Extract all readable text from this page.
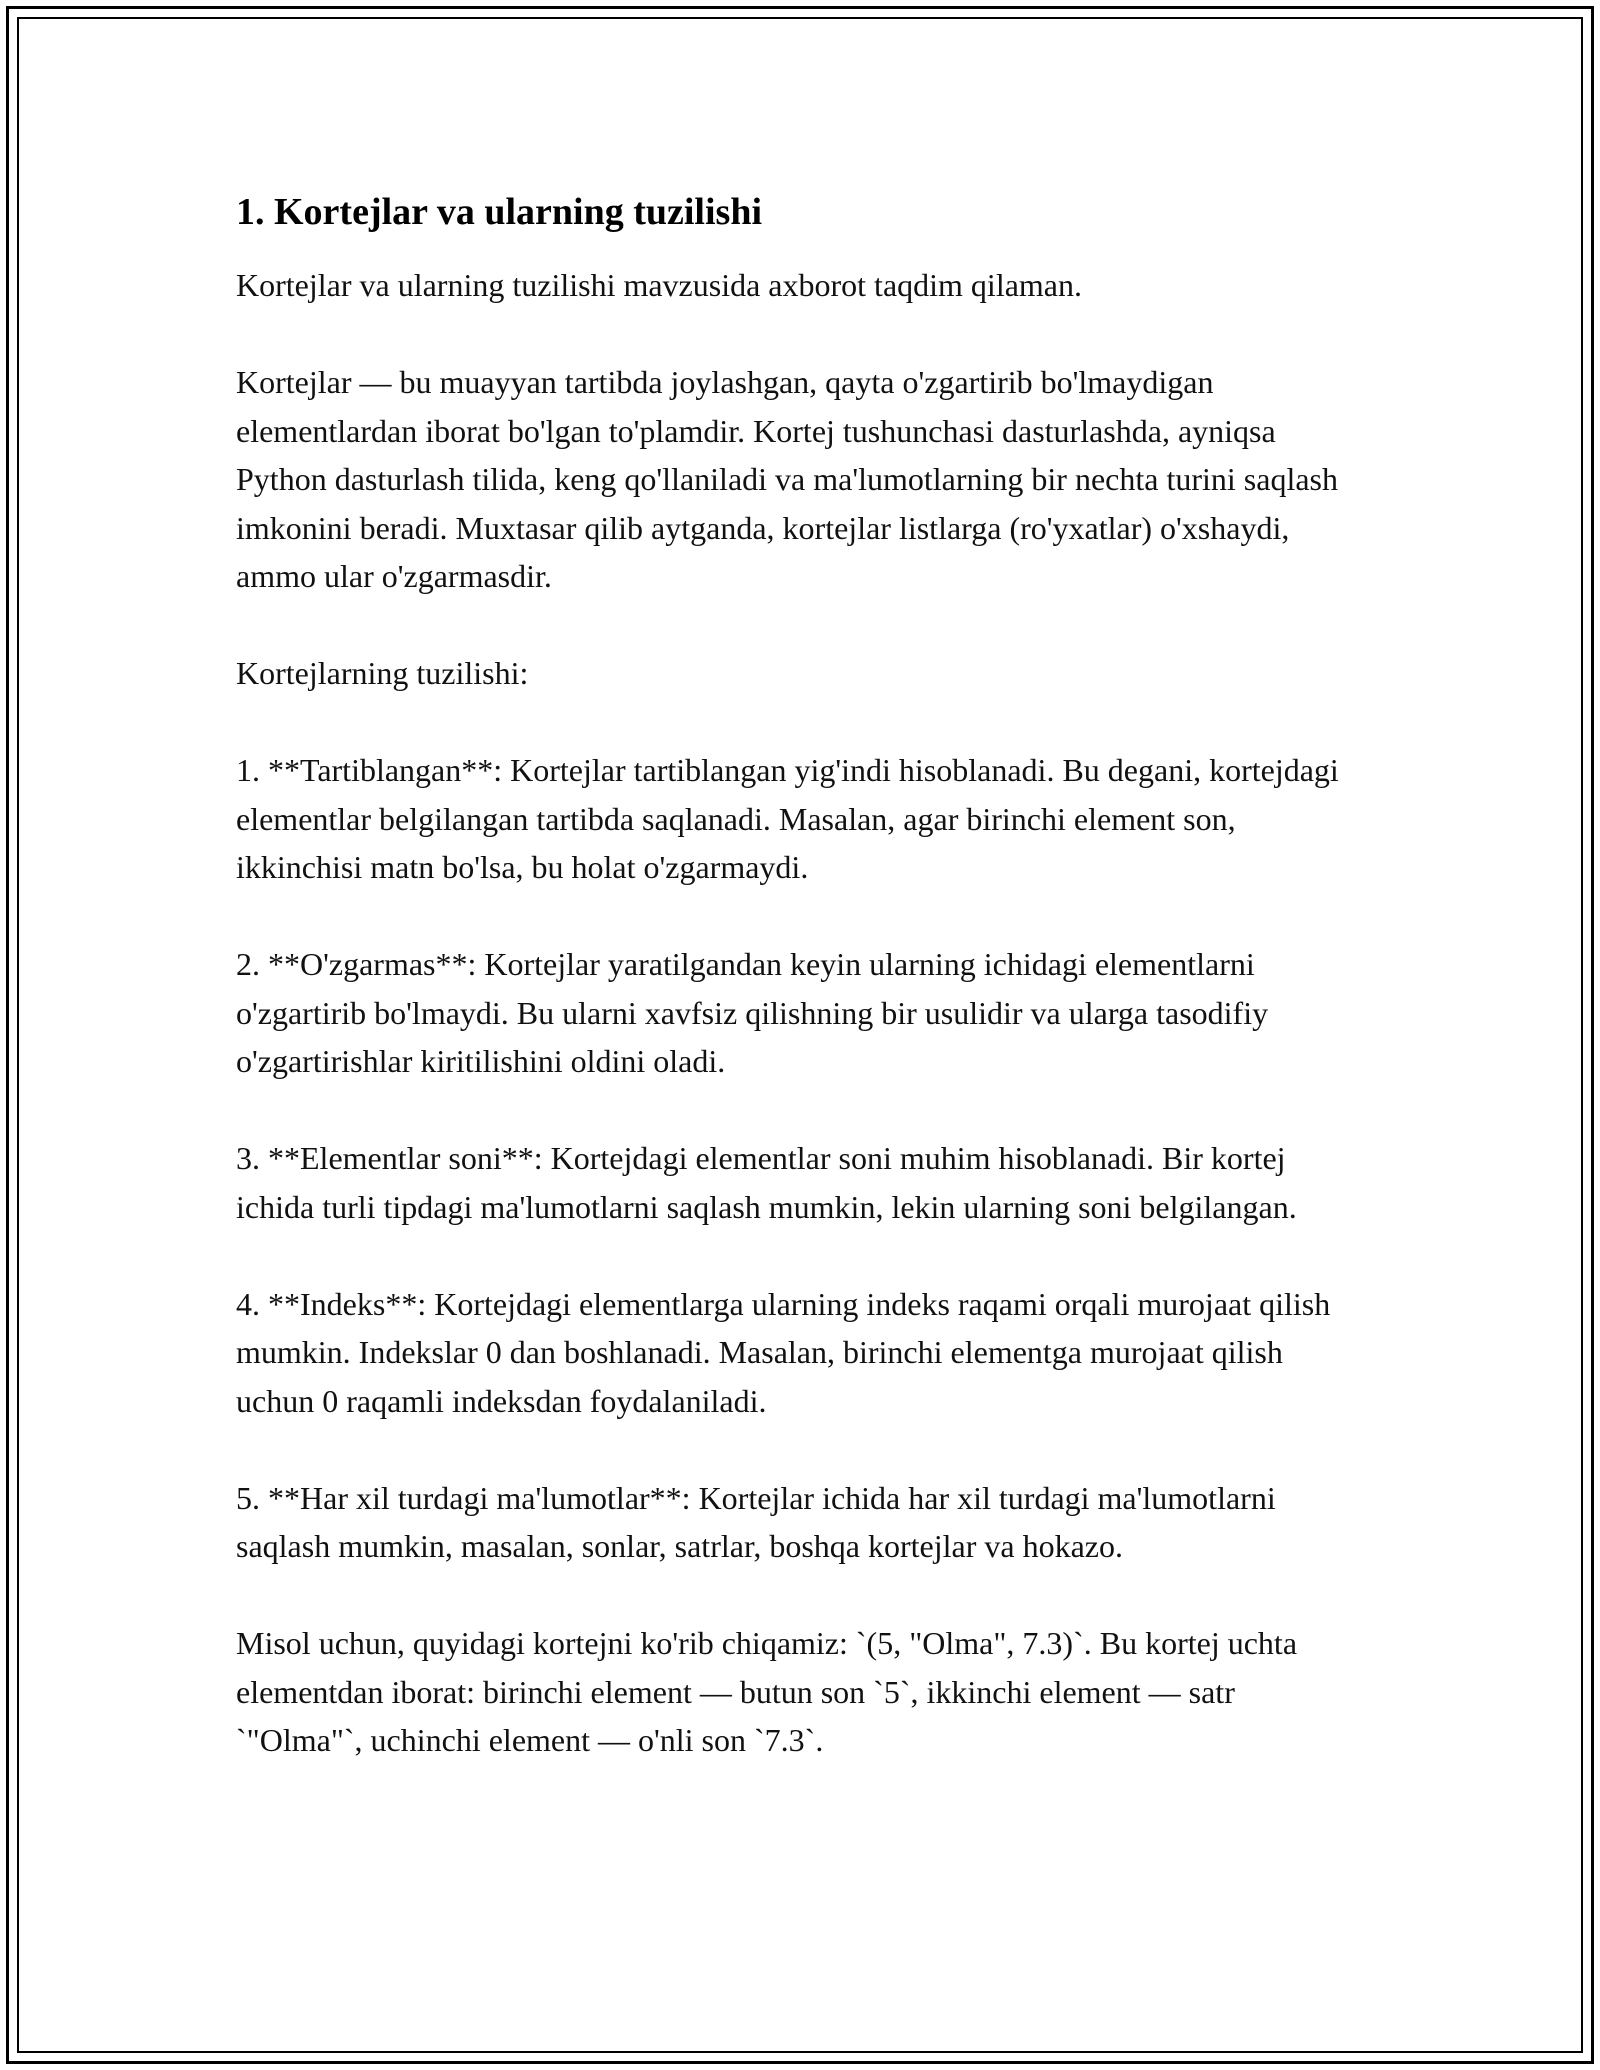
1. Kortejlar va ularning tuzilishi

Kortejlar va ularning tuzilishi mavzusida axborot taqdim qilaman.

Kortejlar — bu muayyan tartibda joylashgan, qayta o'zgartirib bo'lmaydigan elementlardan iborat bo'lgan to'plamdir. Kortej tushunchasi dasturlashda, ayniqsa Python dasturlash tilida, keng qo'llaniladi va ma'lumotlarning bir nechta turini saqlash imkonini beradi. Muxtasar qilib aytganda, kortejlar listlarga (ro'yxatlar) o'xshaydi, ammo ular o'zgarmasdir.

Kortejlarning tuzilishi:

1. **Tartiblangan**: Kortejlar tartiblangan yig'indi hisoblanadi. Bu degani, kortejdagi elementlar belgilangan tartibda saqlanadi. Masalan, agar birinchi element son, ikkinchisi matn bo'lsa, bu holat o'zgarmaydi.

2. **O'zgarmas**: Kortejlar yaratilgandan keyin ularning ichidagi elementlarni o'zgartirib bo'lmaydi. Bu ularni xavfsiz qilishning bir usulidir va ularga tasodifiy o'zgartirishlar kiritilishini oldini oladi.

3. **Elementlar soni**: Kortejdagi elementlar soni muhim hisoblanadi. Bir kortej ichida turli tipdagi ma'lumotlarni saqlash mumkin, lekin ularning soni belgilangan.

4. **Indeks**: Kortejdagi elementlarga ularning indeks raqami orqali murojaat qilish mumkin. Indekslar 0 dan boshlanadi. Masalan, birinchi elementga murojaat qilish uchun 0 raqamli indeksdan foydalaniladi.

5. **Har xil turdagi ma'lumotlar**: Kortejlar ichida har xil turdagi ma'lumotlarni saqlash mumkin, masalan, sonlar, satrlar, boshqa kortejlar va hokazo.

Misol uchun, quyidagi kortejni ko'rib chiqamiz: `(5, "Olma", 7.3)`. Bu kortej uchta elementdan iborat: birinchi element — butun son `5`, ikkinchi element — satr `"Olma"`, uchinchi element — o'nli son `7.3`.
